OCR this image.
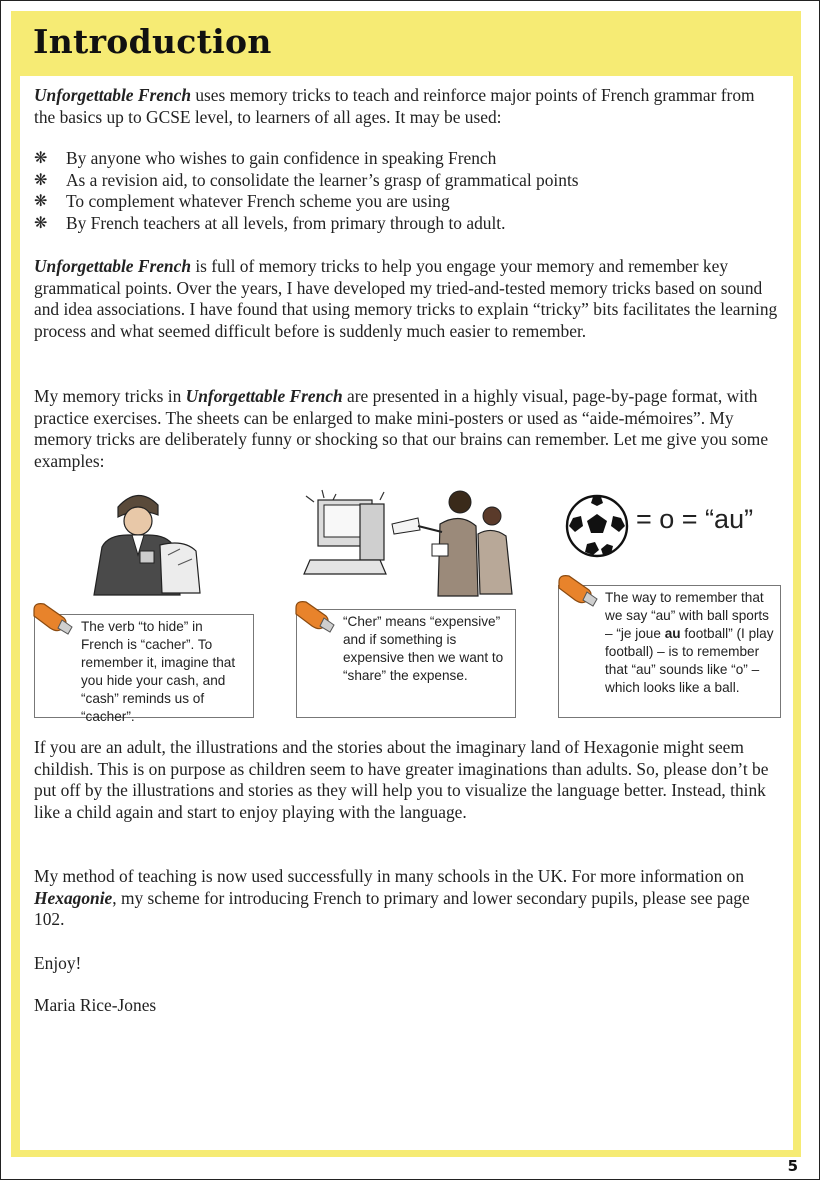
Introduction

Unforgettable French uses memory tricks to teach and reinforce major points of French grammar from the basics up to GCSE level, to learners of all ages. It may be used:

❋ By anyone who wishes to gain confidence in speaking French
❋ As a revision aid, to consolidate the learner’s grasp of grammatical points
❋ To complement whatever French scheme you are using
❋ By French teachers at all levels, from primary through to adult.

Unforgettable French is full of memory tricks to help you engage your memory and remember key grammatical points. Over the years, I have developed my tried-and-tested memory tricks based on sound and idea associations. I have found that using memory tricks to explain “tricky” bits facilitates the learning process and what seemed difficult before is suddenly much easier to remember.

My memory tricks in Unforgettable French are presented in a highly visual, page-by-page format, with practice exercises. The sheets can be enlarged to make mini-posters or used as “aide-mémoires”. My memory tricks are deliberately funny or shocking so that our brains can remember. Let me give you some examples:

= o = “au”
The verb “to hide” in French is “cacher”. To remember it, imagine that you hide your cash, and “cash” reminds us of “cacher”.
“Cher” means “expensive” and if something is expensive then we want to “share” the expense.
The way to remember that we say “au” with ball sports – “je joue au football” (I play football) – is to remember that “au” sounds like “o” – which looks like a ball.

If you are an adult, the illustrations and the stories about the imaginary land of Hexagonie might seem childish. This is on purpose as children seem to have greater imaginations than adults. So, please don’t be put off by the illustrations and stories as they will help you to visualize the language better. Instead, think like a child again and start to enjoy playing with the language.

My method of teaching is now used successfully in many schools in the UK. For more information on Hexagonie, my scheme for introducing French to primary and lower secondary pupils, please see page 102.

Enjoy!

Maria Rice-Jones

5
